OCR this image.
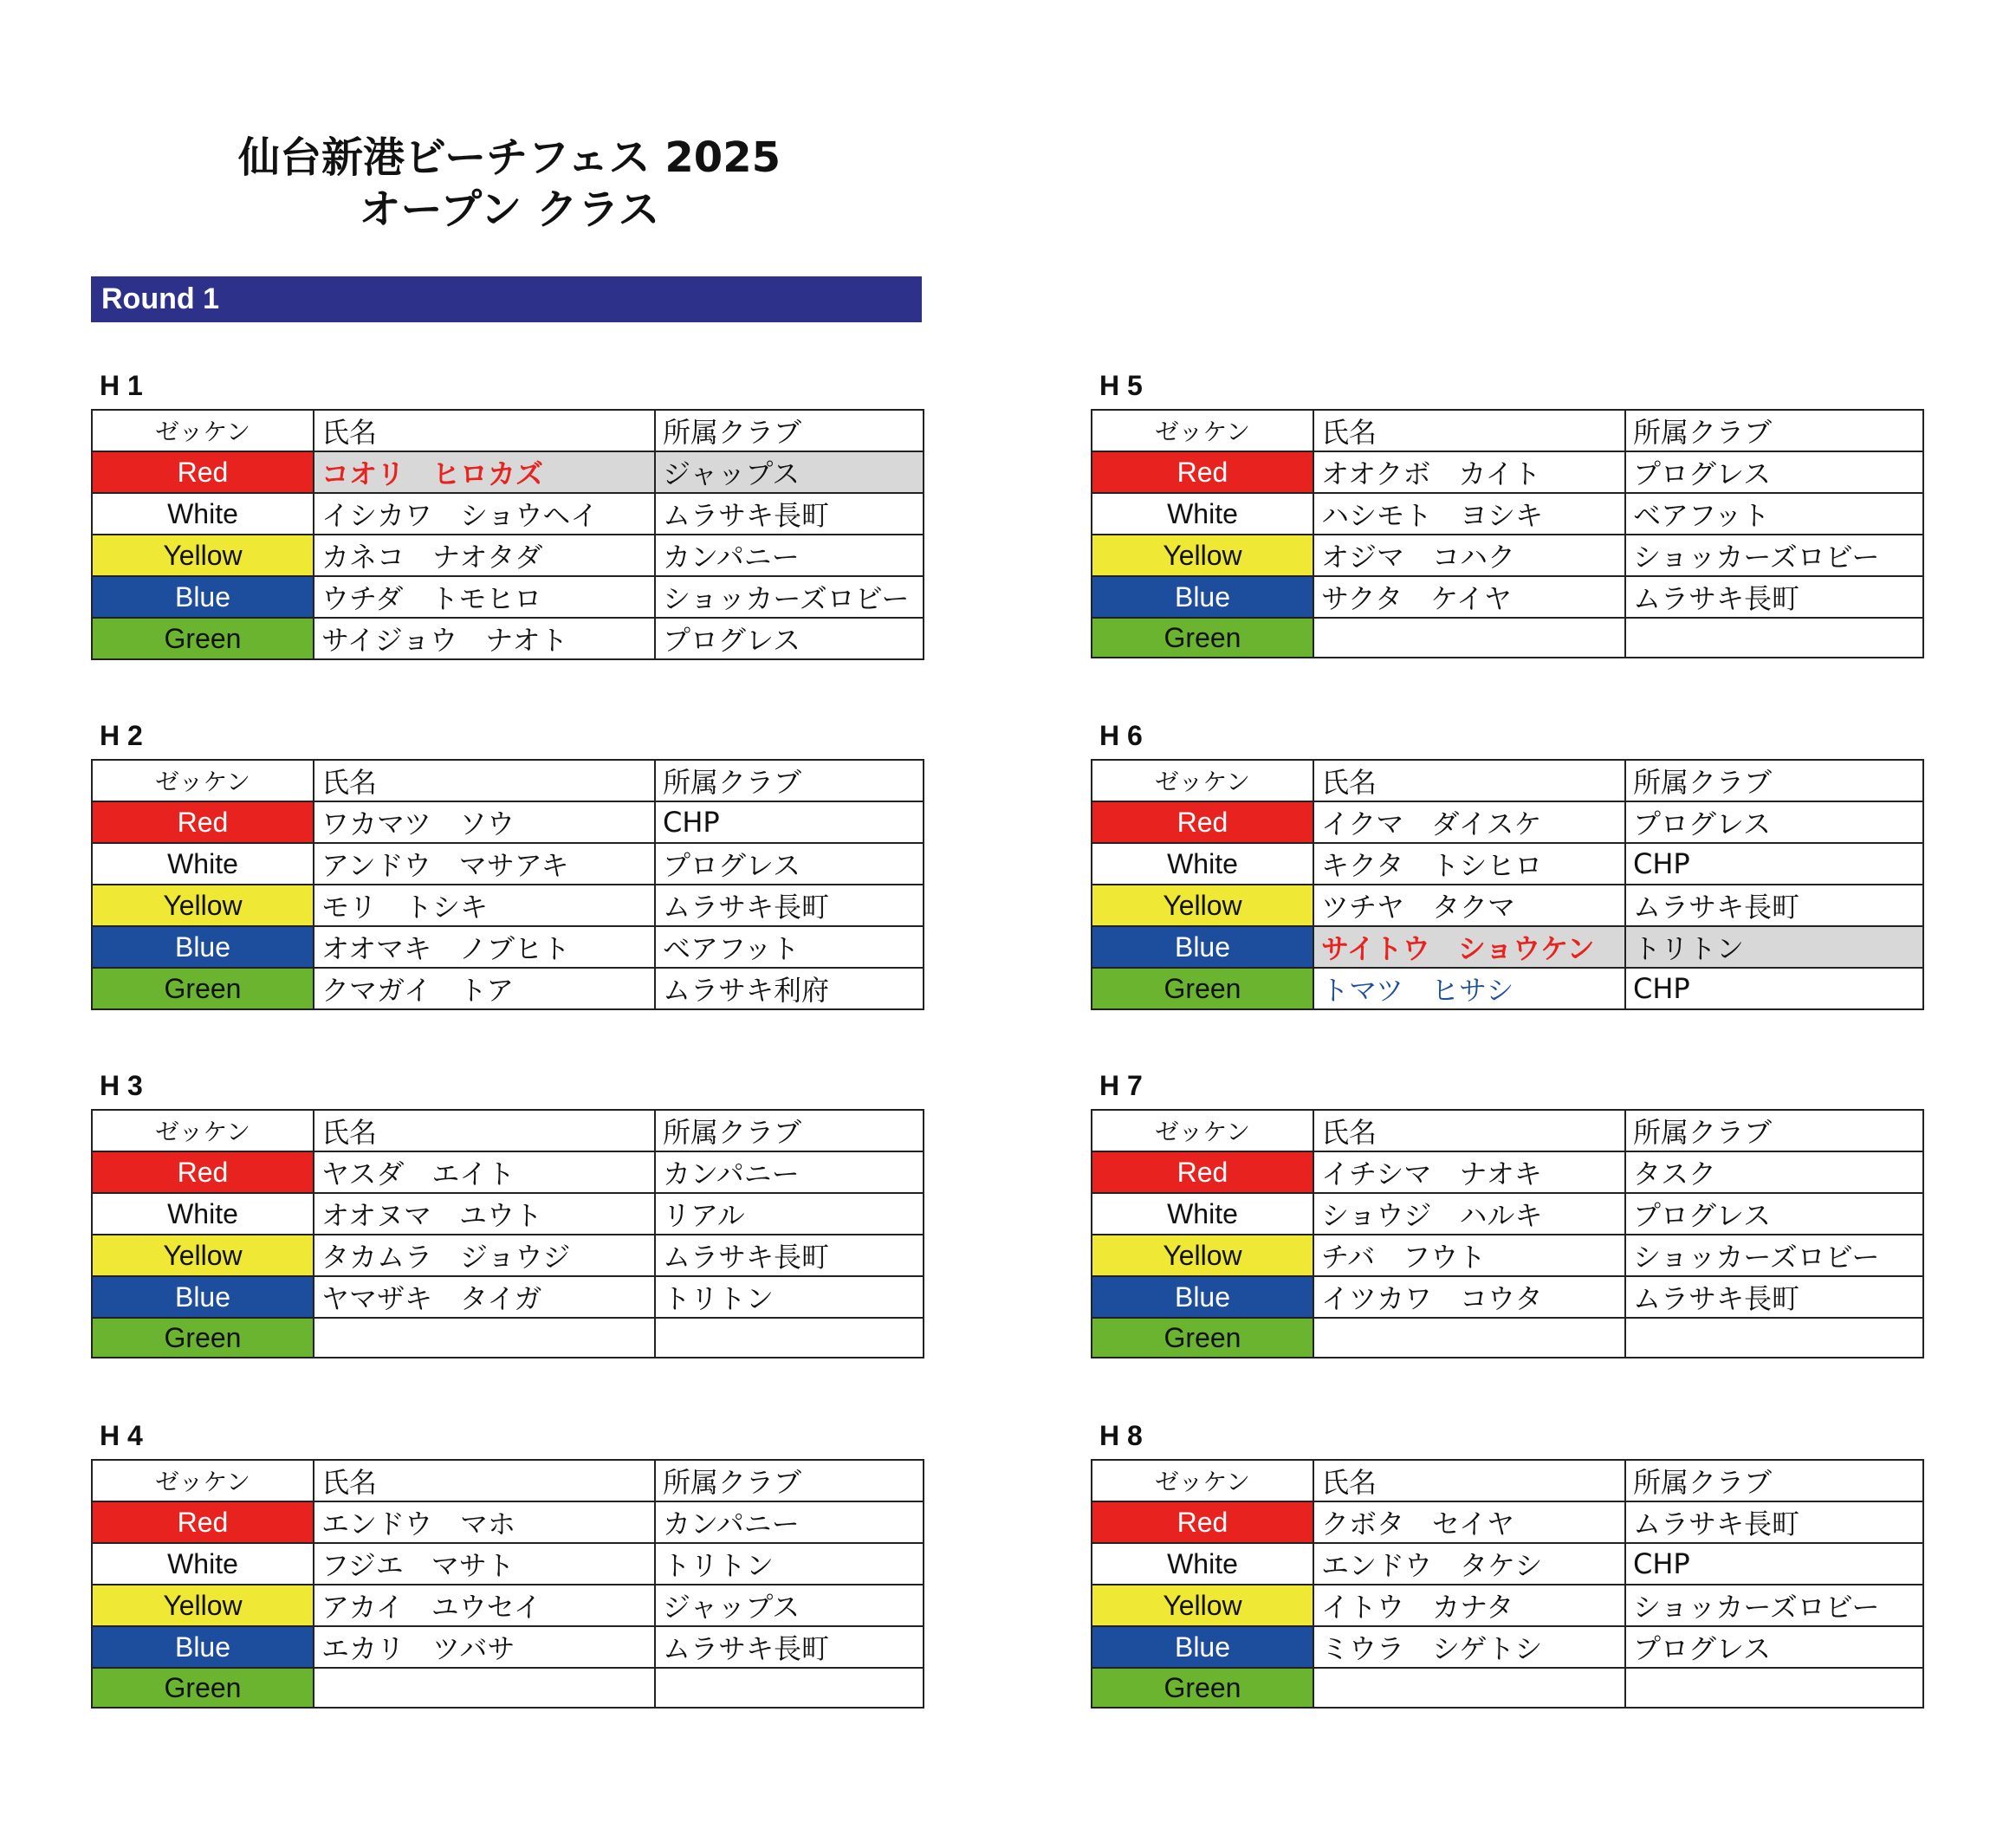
仙台新港ビーチフェス 2025
オープン クラス
Round 1
H 1
ゼッケン	氏名	所属クラブ
Red	コオリ　ヒロカズ	ジャップス
White	イシカワ　ショウヘイ	ムラサキ長町
Yellow	カネコ　ナオタダ	カンパニー
Blue	ウチダ　トモヒロ	ショッカーズロビー
Green	サイジョウ　ナオト	プログレス
H 2
ゼッケン	氏名	所属クラブ
Red	ワカマツ　ソウ	CHP
White	アンドウ　マサアキ	プログレス
Yellow	モリ　トシキ	ムラサキ長町
Blue	オオマキ　ノブヒト	ベアフット
Green	クマガイ　トア	ムラサキ利府
H 3
ゼッケン	氏名	所属クラブ
Red	ヤスダ　エイト	カンパニー
White	オオヌマ　ユウト	リアル
Yellow	タカムラ　ジョウジ	ムラサキ長町
Blue	ヤマザキ　タイガ	トリトン
Green		
H 4
ゼッケン	氏名	所属クラブ
Red	エンドウ　マホ	カンパニー
White	フジエ　マサト	トリトン
Yellow	アカイ　ユウセイ	ジャップス
Blue	エカリ　ツバサ	ムラサキ長町
Green		
H 5
ゼッケン	氏名	所属クラブ
Red	オオクボ　カイト	プログレス
White	ハシモト　ヨシキ	ベアフット
Yellow	オジマ　コハク	ショッカーズロビー
Blue	サクタ　ケイヤ	ムラサキ長町
Green		
H 6
ゼッケン	氏名	所属クラブ
Red	イクマ　ダイスケ	プログレス
White	キクタ　トシヒロ	CHP
Yellow	ツチヤ　タクマ	ムラサキ長町
Blue	サイトウ　ショウケン	トリトン
Green	トマツ　ヒサシ	CHP
H 7
ゼッケン	氏名	所属クラブ
Red	イチシマ　ナオキ	タスク
White	ショウジ　ハルキ	プログレス
Yellow	チバ　フウト	ショッカーズロビー
Blue	イツカワ　コウタ	ムラサキ長町
Green		
H 8
ゼッケン	氏名	所属クラブ
Red	クボタ　セイヤ	ムラサキ長町
White	エンドウ　タケシ	CHP
Yellow	イトウ　カナタ	ショッカーズロビー
Blue	ミウラ　シゲトシ	プログレス
Green		
